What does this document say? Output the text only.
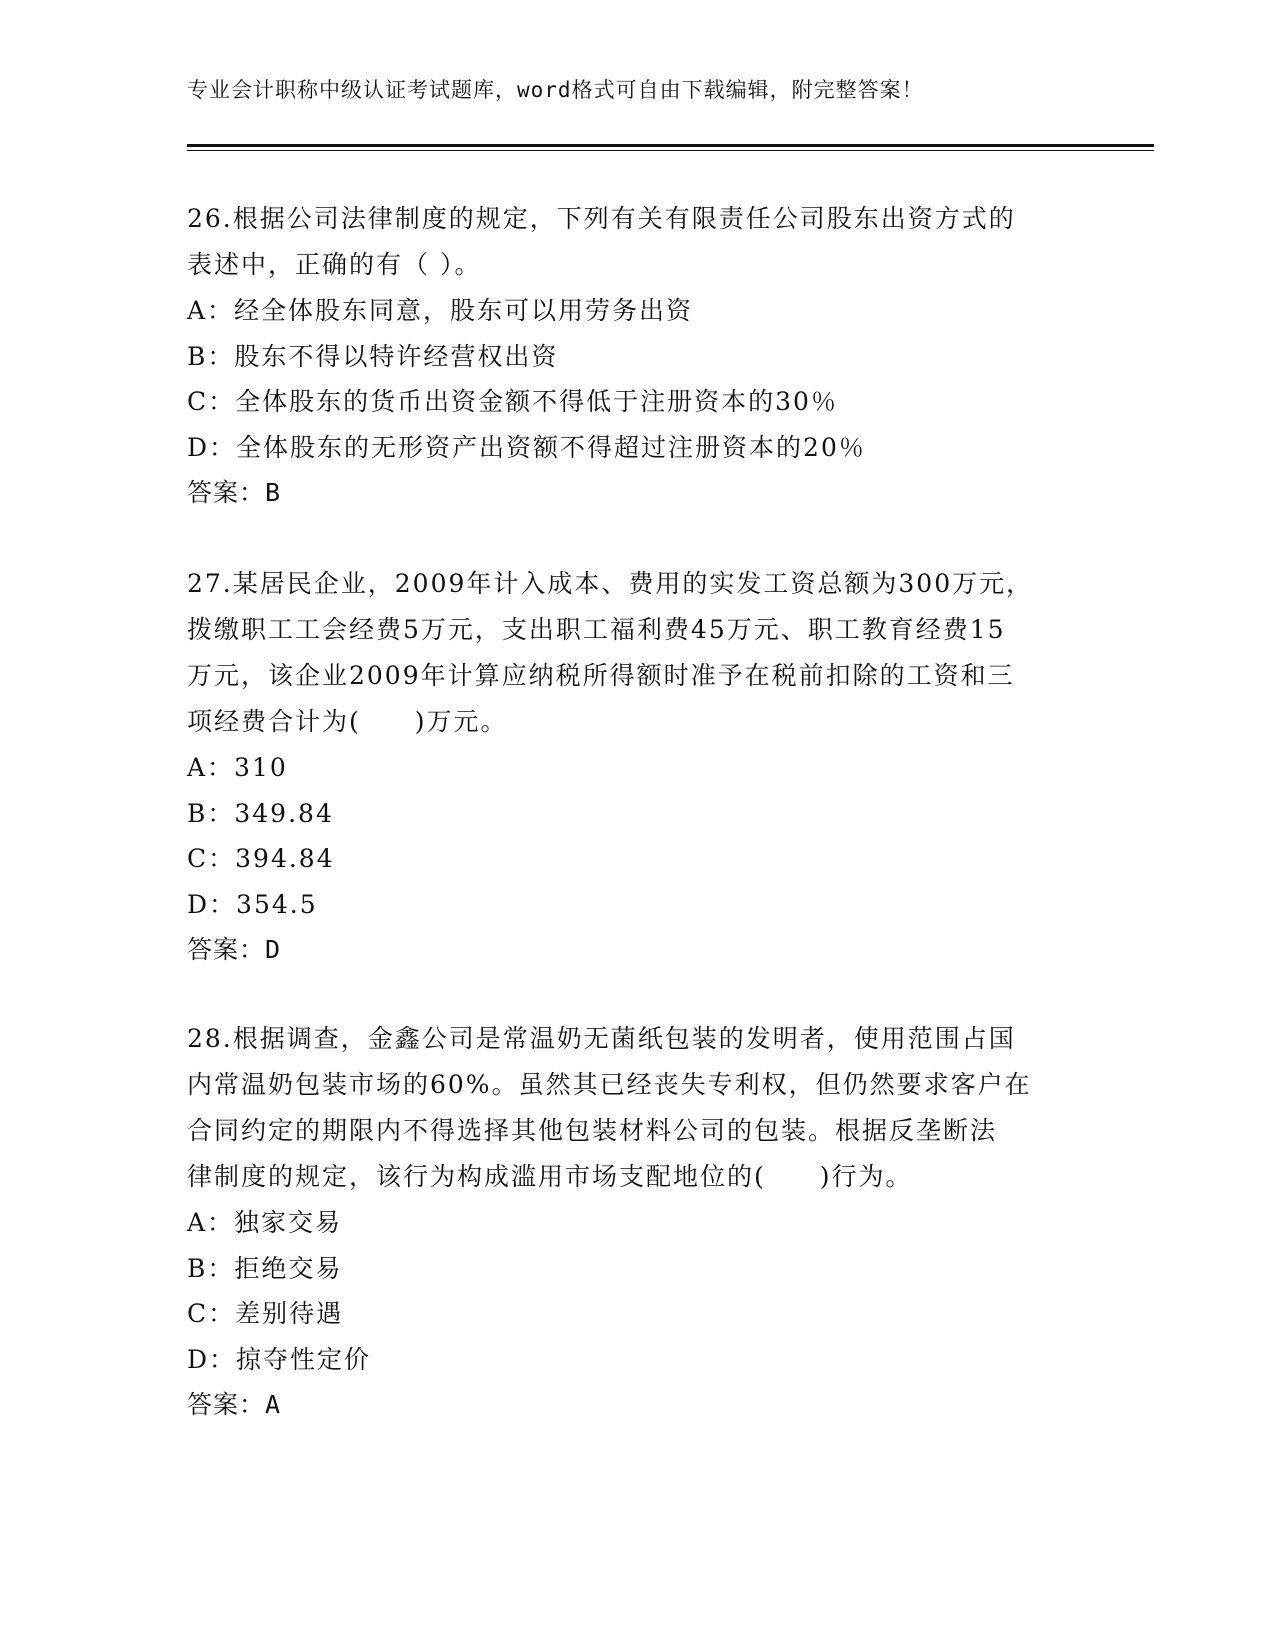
专业会计职称中级认证考试题库，word格式可自由下载编辑，附完整答案！
26.根据公司法律制度的规定，下列有关有限责任公司股东出资方式的
表述中，正确的有（ ）。
A：经全体股东同意，股东可以用劳务出资
B：股东不得以特许经营权出资
C：全体股东的货币出资金额不得低于注册资本的30％
D：全体股东的无形资产出资额不得超过注册资本的20％
答案：B
27.某居民企业，2009年计入成本、费用的实发工资总额为300万元，
拨缴职工工会经费5万元，支出职工福利费45万元、职工教育经费15
万元，该企业2009年计算应纳税所得额时准予在税前扣除的工资和三
项经费合计为(　　)万元。
A：310
B：349.84
C：394.84
D：354.5
答案：D
28.根据调查，金鑫公司是常温奶无菌纸包装的发明者，使用范围占国
内常温奶包装市场的60%。虽然其已经丧失专利权，但仍然要求客户在
合同约定的期限内不得选择其他包装材料公司的包装。根据反垄断法
律制度的规定，该行为构成滥用市场支配地位的(　　)行为。
A：独家交易
B：拒绝交易
C：差别待遇
D：掠夺性定价
答案：A
